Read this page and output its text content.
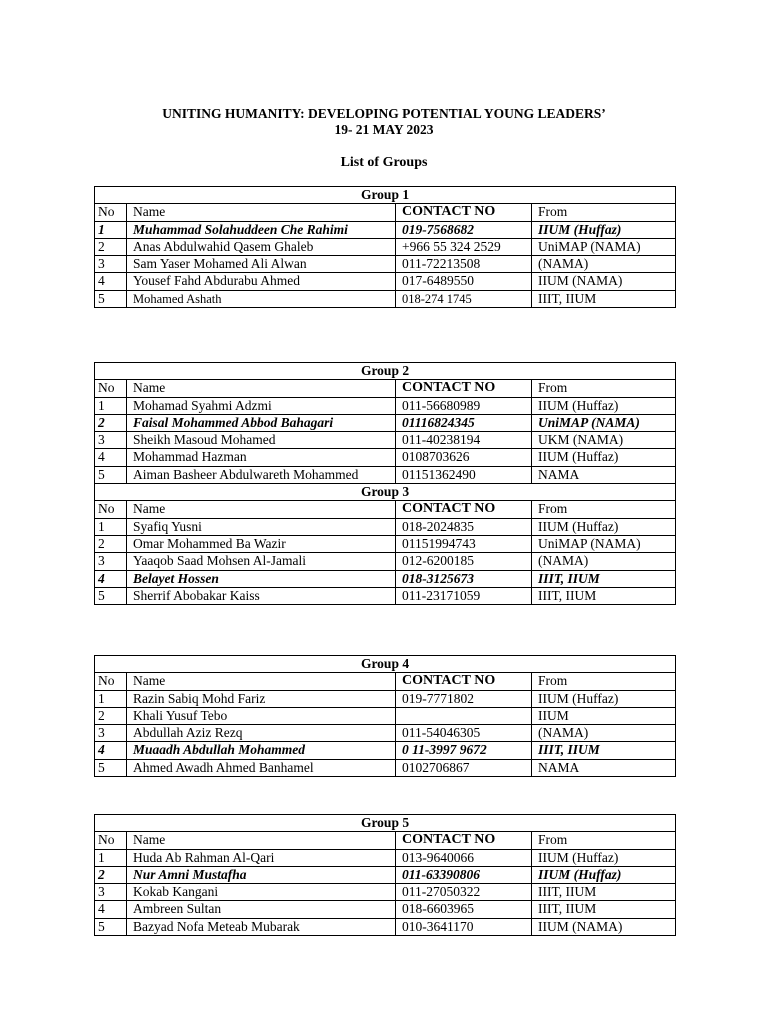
UNITING HUMANITY: DEVELOPING POTENTIAL YOUNG LEADERS’
19- 21 MAY 2023
List of Groups
Group 1			
No	Name	CONTACT NO	From
1	Muhammad Solahuddeen Che Rahimi	019-7568682	IIUM (Huffaz)
2	Anas Abdulwahid Qasem Ghaleb	+966 55 324 2529	UniMAP (NAMA)
3	Sam Yaser Mohamed Ali Alwan	011-72213508	(NAMA)
4	Yousef Fahd Abdurabu Ahmed	017-6489550	IIUM (NAMA)
5	Mohamed Ashath	018-274 1745	IIIT, IIUM
Group 2			
No	Name	CONTACT NO	From
1	Mohamad Syahmi Adzmi	011-56680989	IIUM (Huffaz)
2	Faisal Mohammed Abbod Bahagari	01116824345	UniMAP (NAMA)
3	Sheikh Masoud Mohamed	011-40238194	UKM (NAMA)
4	Mohammad Hazman	0108703626	IIUM (Huffaz)
5	Aiman Basheer Abdulwareth Mohammed	01151362490	NAMA
Group 3			
No	Name	CONTACT NO	From
1	Syafiq Yusni	018-2024835	IIUM (Huffaz)
2	Omar Mohammed Ba Wazir	01151994743	UniMAP (NAMA)
3	Yaaqob Saad Mohsen Al-Jamali	012-6200185	(NAMA)
4	Belayet Hossen	018-3125673	IIIT, IIUM
5	Sherrif Abobakar Kaiss	011-23171059	IIIT, IIUM
Group 4			
No	Name	CONTACT NO	From
1	Razin Sabiq Mohd Fariz	019-7771802	IIUM (Huffaz)
2	Khali Yusuf Tebo		IIUM
3	Abdullah Aziz Rezq	011-54046305	(NAMA)
4	Muaadh Abdullah Mohammed	0 11-3997 9672	IIIT, IIUM
5	Ahmed Awadh Ahmed Banhamel	0102706867	NAMA
Group 5			
No	Name	CONTACT NO	From
1	Huda Ab Rahman Al-Qari	013-9640066	IIUM (Huffaz)
2	Nur Amni Mustafha	011-63390806	IIUM (Huffaz)
3	Kokab Kangani	011-27050322	IIIT, IIUM
4	Ambreen Sultan	018-6603965	IIIT, IIUM
5	Bazyad Nofa Meteab Mubarak	010-3641170	IIUM (NAMA)
